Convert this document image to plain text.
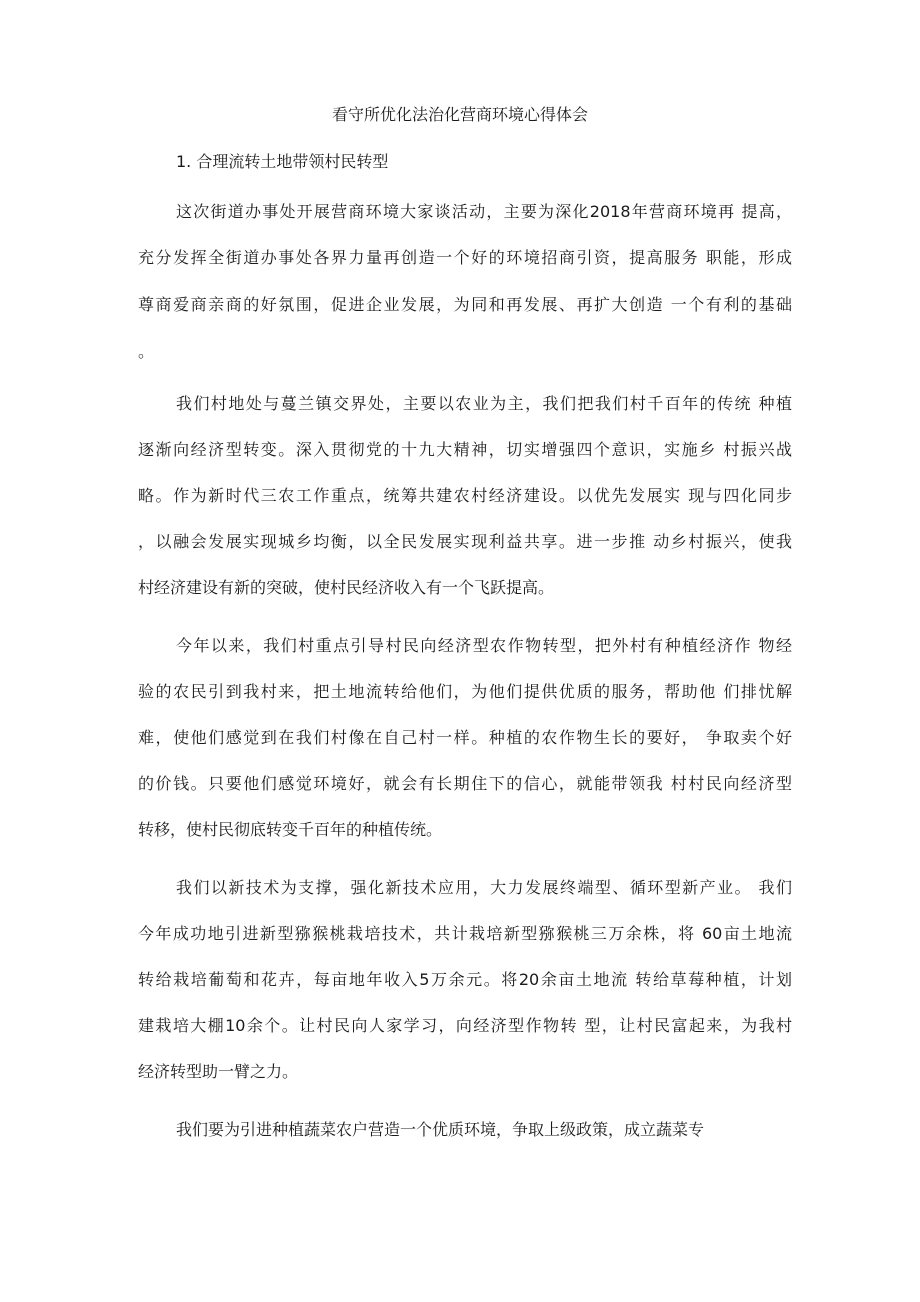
看守所优化法治化营商环境心得体会
1. 合理流转土地带领村民转型
这次街道办事处开展营商环境大家谈活动，主要为深化2018年营商环境再 提高，
充分发挥全街道办事处各界力量再创造一个好的环境招商引资，提高服务 职能，形成
尊商爱商亲商的好氛围，促进企业发展，为同和再发展、再扩大创造 一个有利的基础
。
我们村地处与蔓兰镇交界处，主要以农业为主，我们把我们村千百年的传统 种植
逐渐向经济型转变。深入贯彻党的十九大精神，切实增强四个意识，实施乡 村振兴战
略。作为新时代三农工作重点，统筹共建农村经济建设。以优先发展实 现与四化同步
，以融会发展实现城乡均衡，以全民发展实现利益共享。进一步推 动乡村振兴，使我
村经济建设有新的突破，使村民经济收入有一个飞跃提高。
今年以来，我们村重点引导村民向经济型农作物转型，把外村有种植经济作 物经
验的农民引到我村来，把土地流转给他们，为他们提供优质的服务，帮助他 们排忧解
难，使他们感觉到在我们村像在自己村一样。种植的农作物生长的要好， 争取卖个好
的价钱。只要他们感觉环境好，就会有长期住下的信心，就能带领我 村村民向经济型
转移，使村民彻底转变千百年的种植传统。
我们以新技术为支撑，强化新技术应用，大力发展终端型、循环型新产业。 我们
今年成功地引进新型猕猴桃栽培技术，共计栽培新型猕猴桃三万余株，将 60亩土地流
转给栽培葡萄和花卉，每亩地年收入5万余元。将20余亩土地流 转给草莓种植，计划
建栽培大棚10余个。让村民向人家学习，向经济型作物转 型，让村民富起来，为我村
经济转型助一臂之力。
我们要为引进种植蔬菜农户营造一个优质环境，争取上级政策，成立蔬菜专
